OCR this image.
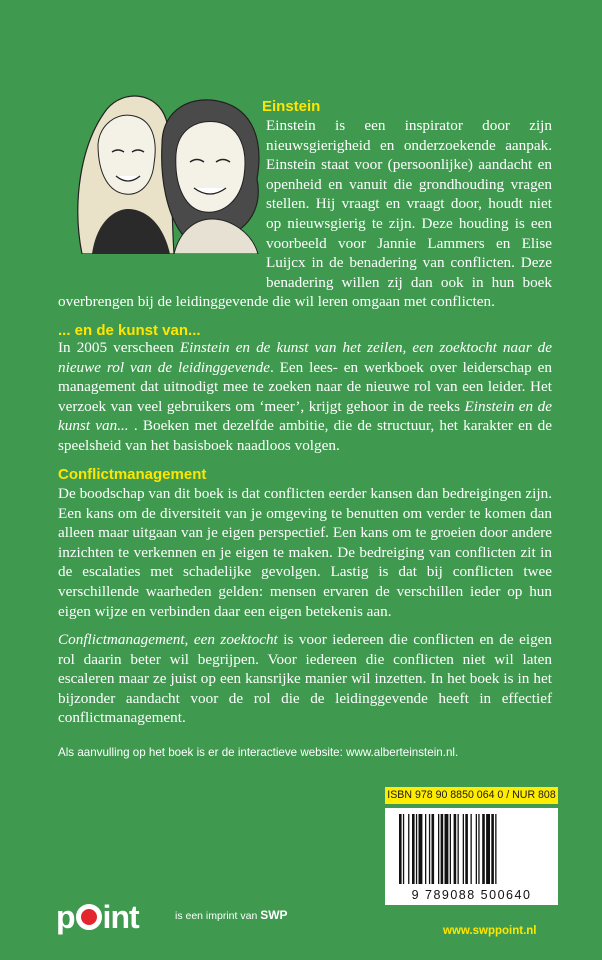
Einstein

Einstein is een inspirator door zijn nieuwsgierigheid en onderzoekende aanpak. Einstein staat voor (persoonlijke) aandacht en openheid en vanuit die grondhouding vragen stellen. Hij vraagt en vraagt door, houdt niet op nieuwsgierig te zijn. Deze houding is een voorbeeld voor Jannie Lammers en Elise Luijcx in de benadering van conflicten. Deze benadering willen zij dan ook in hun boek overbrengen bij de leidinggevende die wil leren omgaan met conflicten.

... en de kunst van...

In 2005 verscheen Einstein en de kunst van het zeilen, een zoektocht naar de nieuwe rol van de leidinggevende. Een lees- en werkboek over leiderschap en management dat uitnodigt mee te zoeken naar de nieuwe rol van een leider. Het verzoek van veel gebruikers om ‘meer’, krijgt gehoor in de reeks Einstein en de kunst van... . Boeken met dezelfde ambitie, die de structuur, het karakter en de speelsheid van het basisboek naadloos volgen.

Conflictmanagement

De boodschap van dit boek is dat conflicten eerder kansen dan bedreigingen zijn. Een kans om de diversiteit van je omgeving te benutten om verder te komen dan alleen maar uitgaan van je eigen perspectief. Een kans om te groeien door andere inzichten te verkennen en je eigen te maken. De bedreiging van conflicten zit in de escalaties met schadelijke gevolgen. Lastig is dat bij conflicten twee verschillende waarheden gelden: mensen ervaren de verschillen ieder op hun eigen wijze en verbinden daar een eigen betekenis aan.

Conflictmanagement, een zoektocht is voor iedereen die conflicten en de eigen rol daarin beter wil begrijpen. Voor iedereen die conflicten niet wil laten escaleren maar ze juist op een kansrijke manier wil inzetten. In het boek is in het bijzonder aandacht voor de rol die de leidinggevende heeft in effectief conflictmanagement.

Als aanvulling op het boek is er de interactieve website: www.alberteinstein.nl.
ISBN 978 90 8850 064 0 / NUR 808
9 789088 500640
p int	is een imprint van SWP
www.swppoint.nl
